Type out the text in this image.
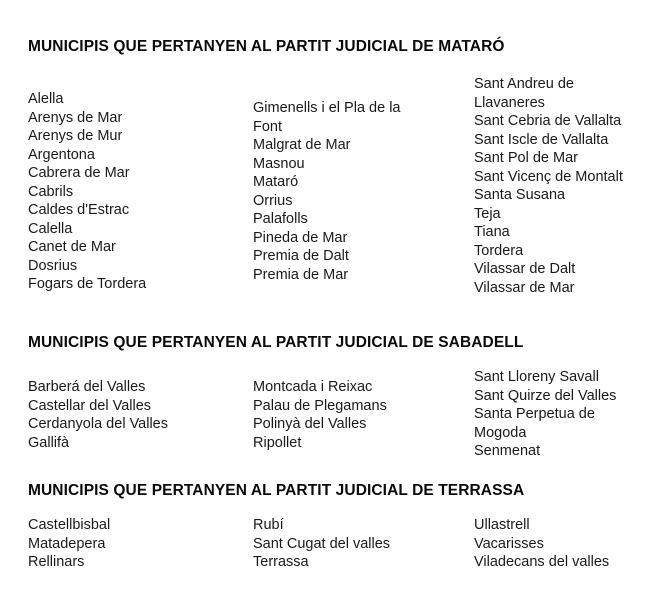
MUNICIPIS QUE PERTANYEN AL PARTIT JUDICIAL DE MATARÓ
Alella
Arenys de Mar
Arenys de Mur
Argentona
Cabrera de Mar
Cabrils
Caldes d'Estrac
Calella
Canet de Mar
Dosrius
Fogars de Tordera
Gimenells i el Pla de la
Font
Malgrat de Mar
Masnou
Mataró
Orrius
Palafolls
Pineda de Mar
Premia de Dalt
Premia de Mar
Sant Andreu de
Llavaneres
Sant Cebria de Vallalta
Sant Iscle de Vallalta
Sant Pol de Mar
Sant Vicenç de Montalt
Santa Susana
Teja
Tiana
Tordera
Vilassar de Dalt
Vilassar de Mar
MUNICIPIS QUE PERTANYEN AL PARTIT JUDICIAL DE SABADELL
Barberá del Valles
Castellar del Valles
Cerdanyola del Valles
Gallifà
Montcada i Reixac
Palau de Plegamans
Polinyà del Valles
Ripollet
Sant Lloreny Savall
Sant Quirze del Valles
Santa Perpetua de
Mogoda
Senmenat
MUNICIPIS QUE PERTANYEN AL PARTIT JUDICIAL DE TERRASSA
Castellbisbal
Matadepera
Rellinars
Rubí
Sant Cugat del valles
Terrassa
Ullastrell
Vacarisses
Viladecans del valles
